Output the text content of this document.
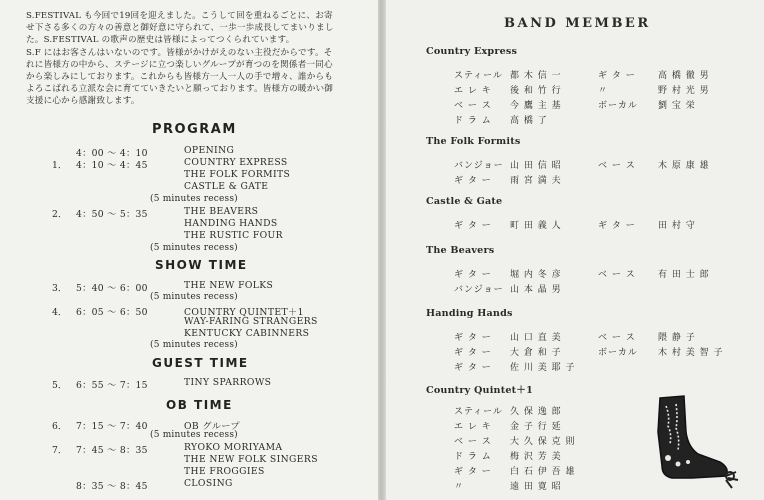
S.FESTIVAL も今回で19回を迎えました。こうして回を重ねるごとに、お寄
せ下さる多くの方々の善意と御好意に守られて、一歩一歩成長してまいりまし
た。S.FESTIVAL の歌声の歴史は皆様によってつくられています。
S.F にはお客さんはいないのです。皆様がかけがえのない主役だからです。そ
れに皆様方の中から、ステージに立つ楽しいグループが育つのを関係者一同心
から楽しみにしております。これからも皆様方一人一人の手で増々、誰からも
よろこばれる立派な会に育てていきたいと願っております。皆様方の暖かい御
支援に心から感謝致します。
PROGRAM
4：00 ～ 4：10	OPENING
1． 4：10 ～ 4：45	COUNTRY EXPRESS
THE FOLK FORMITS
CASTLE & GATE
(5 minutes recess)
2． 4：50 ～ 5：35	THE BEAVERS
HANDING HANDS
THE RUSTIC FOUR
(5 minutes recess)
SHOW TIME
3． 5：40 ～ 6：00	THE NEW FOLKS
(5 minutes recess)
4． 6：05 ～ 6：50	COUNTRY QUINTET＋1
WAY-FARING STRANGERS
KENTUCKY CABINNERS
(5 minutes recess)
GUEST TIME
5． 6：55 ～ 7：15	TINY SPARROWS
OB TIME
6． 7：15 ～ 7：40	OB グループ
(5 minutes recess)
7． 7：45 ～ 8：35	RYOKO MORIYAMA
THE NEW FOLK SINGERS
THE FROGGIES
8：35 ～ 8：45	CLOSING
BAND MEMBER
Country Express
スティール 都 木 信 一	ギ タ ー 高 橋 徹 男
エ レ キ 後 和 竹 行	〃	野 村 光 男
ベ ー ス 今 鷹 主 基	ボーカル 劉 宝 栄
ド ラ ム 高 橋 了
The Folk Formits
バンジョー 山 田 信 昭	ベ ー ス 木 原 康 雄
ギ タ ー 雨 宮 満 夫
Castle & Gate
ギ タ ー 町 田 義 人	ギ タ ー 田 村 守
The Beavers
ギ タ ー 堀 内 冬 彦	ベ ー ス 有 田 士 郎
バンジョー 山 本 晶 男
Handing Hands
ギ タ ー 山 口 直 美	ベ ー ス 隈 静 子
ギ タ ー 大 倉 和 子	ボーカル 木 村 美 智 子
ギ タ ー 佐 川 美 耶 子
Country Quintet＋1
スティール 久 保 逸 郎
エ レ キ 金 子 行 延
ベ ー ス 大 久 保 克 則
ド ラ ム 梅 沢 芳 美
ギ タ ー 白 石 伊 吾 雄
〃	遠 田 寛 昭
